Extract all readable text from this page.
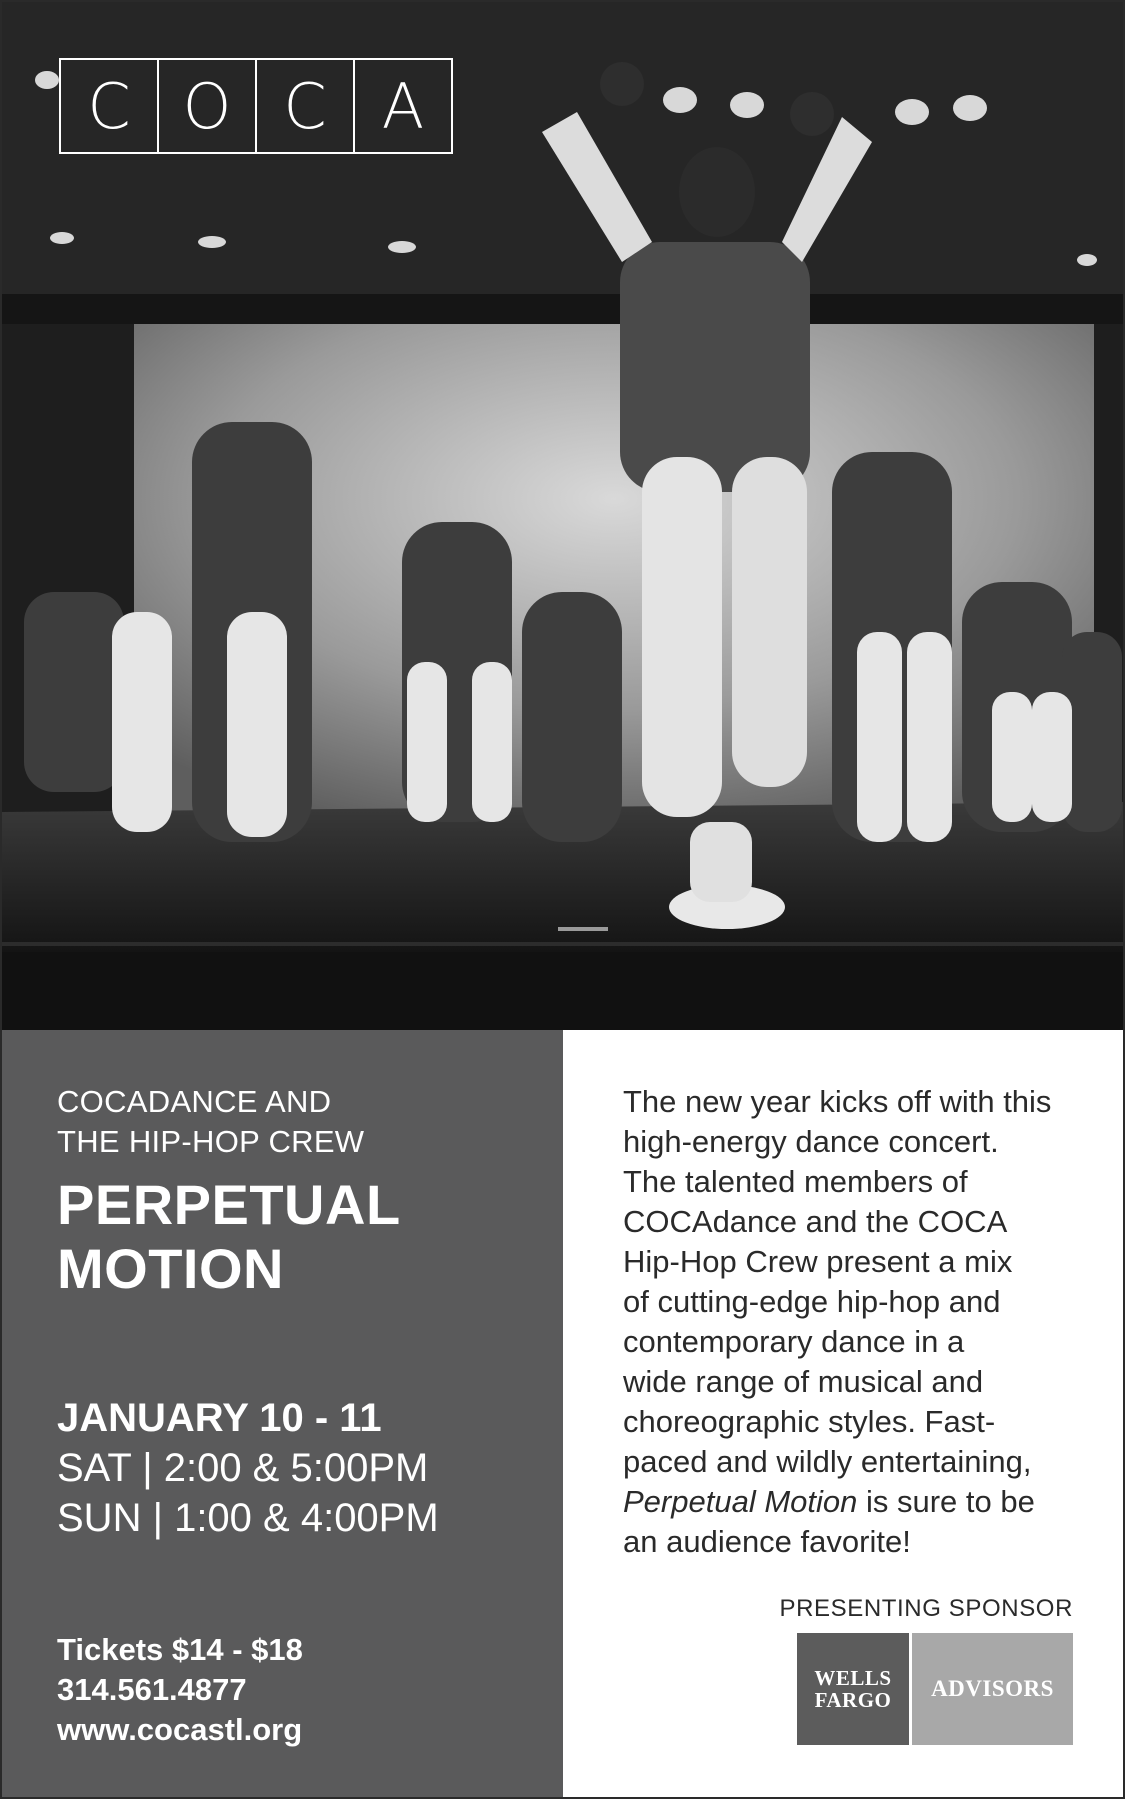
C O C A
COCADANCE AND
THE HIP-HOP CREW
PERPETUAL
MOTION
JANUARY 10 - 11
SAT | 2:00 & 5:00PM
SUN | 1:00 & 4:00PM
Tickets $14 - $18
314.561.4877
www.cocastl.org
The new year kicks off with this
high-energy dance concert.
The talented members of
COCAdance and the COCA
Hip-Hop Crew present a mix
of cutting-edge hip-hop and
contemporary dance in a
wide range of musical and
choreographic styles. Fast-
paced and wildly entertaining,
Perpetual Motion is sure to be
an audience favorite!
PRESENTING SPONSOR
WELLS
FARGO	ADVISORS
